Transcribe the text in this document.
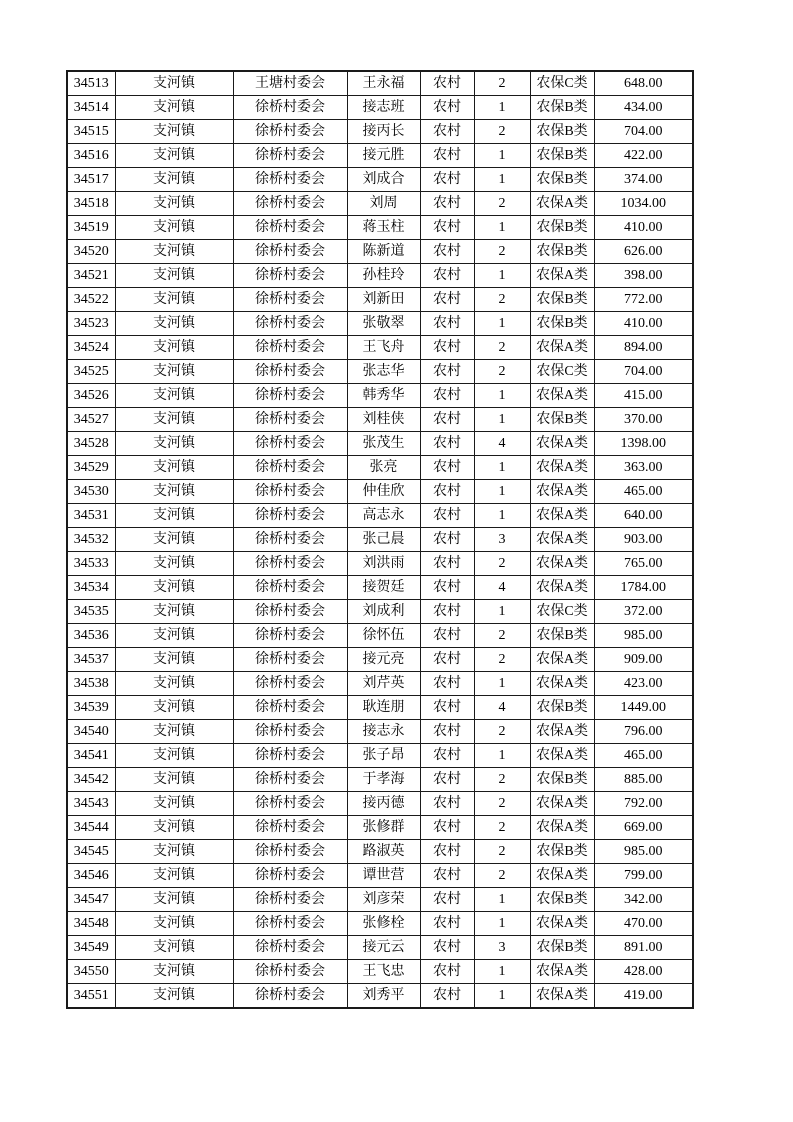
34513	支河镇	王塘村委会	王永福	农村	2	农保C类	648.00
34514	支河镇	徐桥村委会	接志班	农村	1	农保B类	434.00
34515	支河镇	徐桥村委会	接丙长	农村	2	农保B类	704.00
34516	支河镇	徐桥村委会	接元胜	农村	1	农保B类	422.00
34517	支河镇	徐桥村委会	刘成合	农村	1	农保B类	374.00
34518	支河镇	徐桥村委会	刘周	农村	2	农保A类	1034.00
34519	支河镇	徐桥村委会	蒋玉柱	农村	1	农保B类	410.00
34520	支河镇	徐桥村委会	陈新道	农村	2	农保B类	626.00
34521	支河镇	徐桥村委会	孙桂玲	农村	1	农保A类	398.00
34522	支河镇	徐桥村委会	刘新田	农村	2	农保B类	772.00
34523	支河镇	徐桥村委会	张敬翠	农村	1	农保B类	410.00
34524	支河镇	徐桥村委会	王飞舟	农村	2	农保A类	894.00
34525	支河镇	徐桥村委会	张志华	农村	2	农保C类	704.00
34526	支河镇	徐桥村委会	韩秀华	农村	1	农保A类	415.00
34527	支河镇	徐桥村委会	刘桂侠	农村	1	农保B类	370.00
34528	支河镇	徐桥村委会	张茂生	农村	4	农保A类	1398.00
34529	支河镇	徐桥村委会	张亮	农村	1	农保A类	363.00
34530	支河镇	徐桥村委会	仲佳欣	农村	1	农保A类	465.00
34531	支河镇	徐桥村委会	高志永	农村	1	农保A类	640.00
34532	支河镇	徐桥村委会	张己晨	农村	3	农保A类	903.00
34533	支河镇	徐桥村委会	刘洪雨	农村	2	农保A类	765.00
34534	支河镇	徐桥村委会	接贺廷	农村	4	农保A类	1784.00
34535	支河镇	徐桥村委会	刘成利	农村	1	农保C类	372.00
34536	支河镇	徐桥村委会	徐怀伍	农村	2	农保B类	985.00
34537	支河镇	徐桥村委会	接元亮	农村	2	农保A类	909.00
34538	支河镇	徐桥村委会	刘芹英	农村	1	农保A类	423.00
34539	支河镇	徐桥村委会	耿连朋	农村	4	农保B类	1449.00
34540	支河镇	徐桥村委会	接志永	农村	2	农保A类	796.00
34541	支河镇	徐桥村委会	张子昂	农村	1	农保A类	465.00
34542	支河镇	徐桥村委会	于孝海	农村	2	农保B类	885.00
34543	支河镇	徐桥村委会	接丙德	农村	2	农保A类	792.00
34544	支河镇	徐桥村委会	张修群	农村	2	农保A类	669.00
34545	支河镇	徐桥村委会	路淑英	农村	2	农保B类	985.00
34546	支河镇	徐桥村委会	谭世营	农村	2	农保A类	799.00
34547	支河镇	徐桥村委会	刘彦荣	农村	1	农保B类	342.00
34548	支河镇	徐桥村委会	张修栓	农村	1	农保A类	470.00
34549	支河镇	徐桥村委会	接元云	农村	3	农保B类	891.00
34550	支河镇	徐桥村委会	王飞忠	农村	1	农保A类	428.00
34551	支河镇	徐桥村委会	刘秀平	农村	1	农保A类	419.00
